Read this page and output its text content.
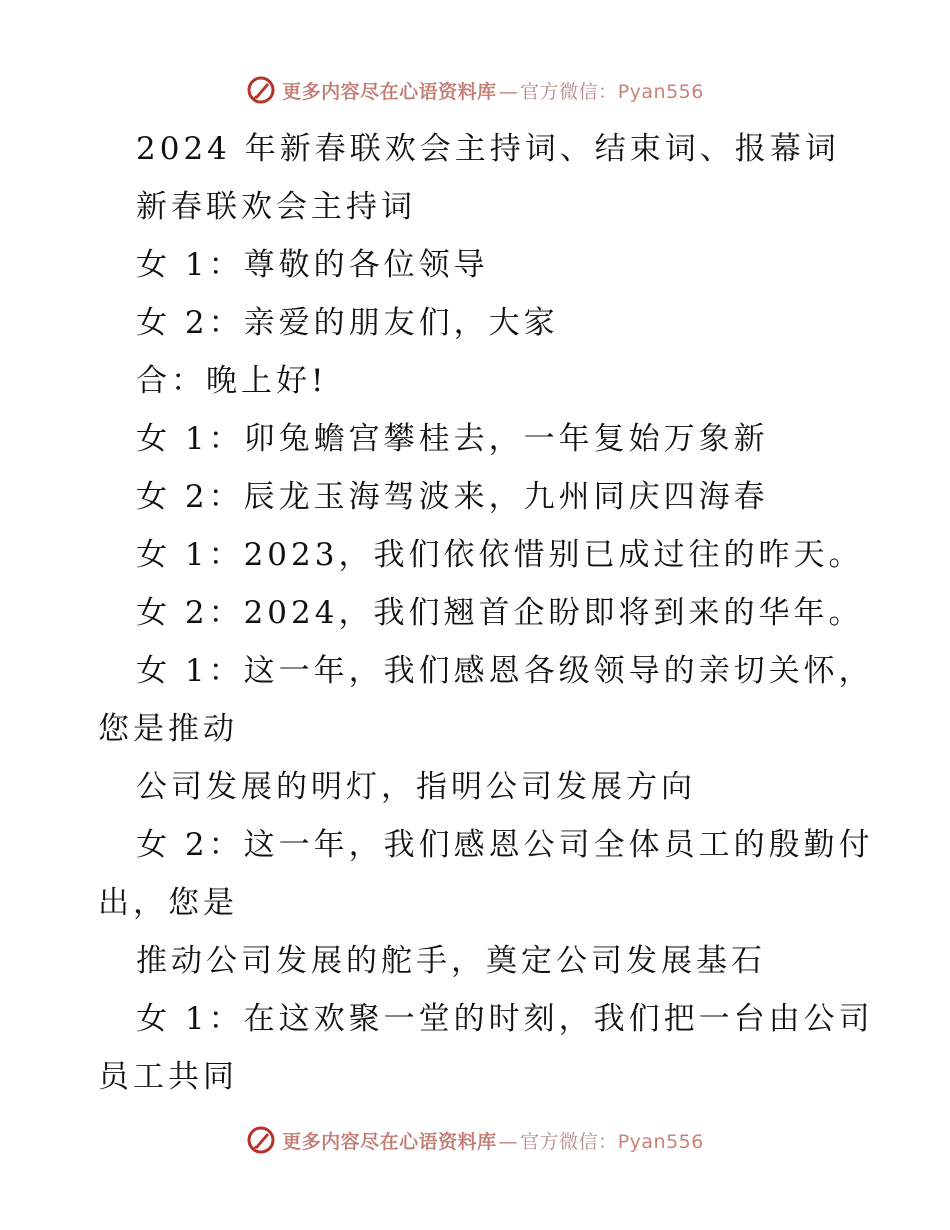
更多内容尽在心语资料库 — 官方微信：Pyan556
2024 年新春联欢会主持词、结束词、报幕词
新春联欢会主持词
女 1：尊敬的各位领导
女 2：亲爱的朋友们，大家
合：晚上好!
女 1：卯兔蟾宫攀桂去，一年复始万象新
女 2：辰龙玉海驾波来，九州同庆四海春
女 1：2023，我们依依惜别已成过往的昨天。
女 2：2024，我们翘首企盼即将到来的华年。
女 1：这一年，我们感恩各级领导的亲切关怀，
您是推动
公司发展的明灯，指明公司发展方向
女 2：这一年，我们感恩公司全体员工的殷勤付
出，您是
推动公司发展的舵手，奠定公司发展基石
女 1：在这欢聚一堂的时刻，我们把一台由公司
员工共同
更多内容尽在心语资料库 — 官方微信：Pyan556
